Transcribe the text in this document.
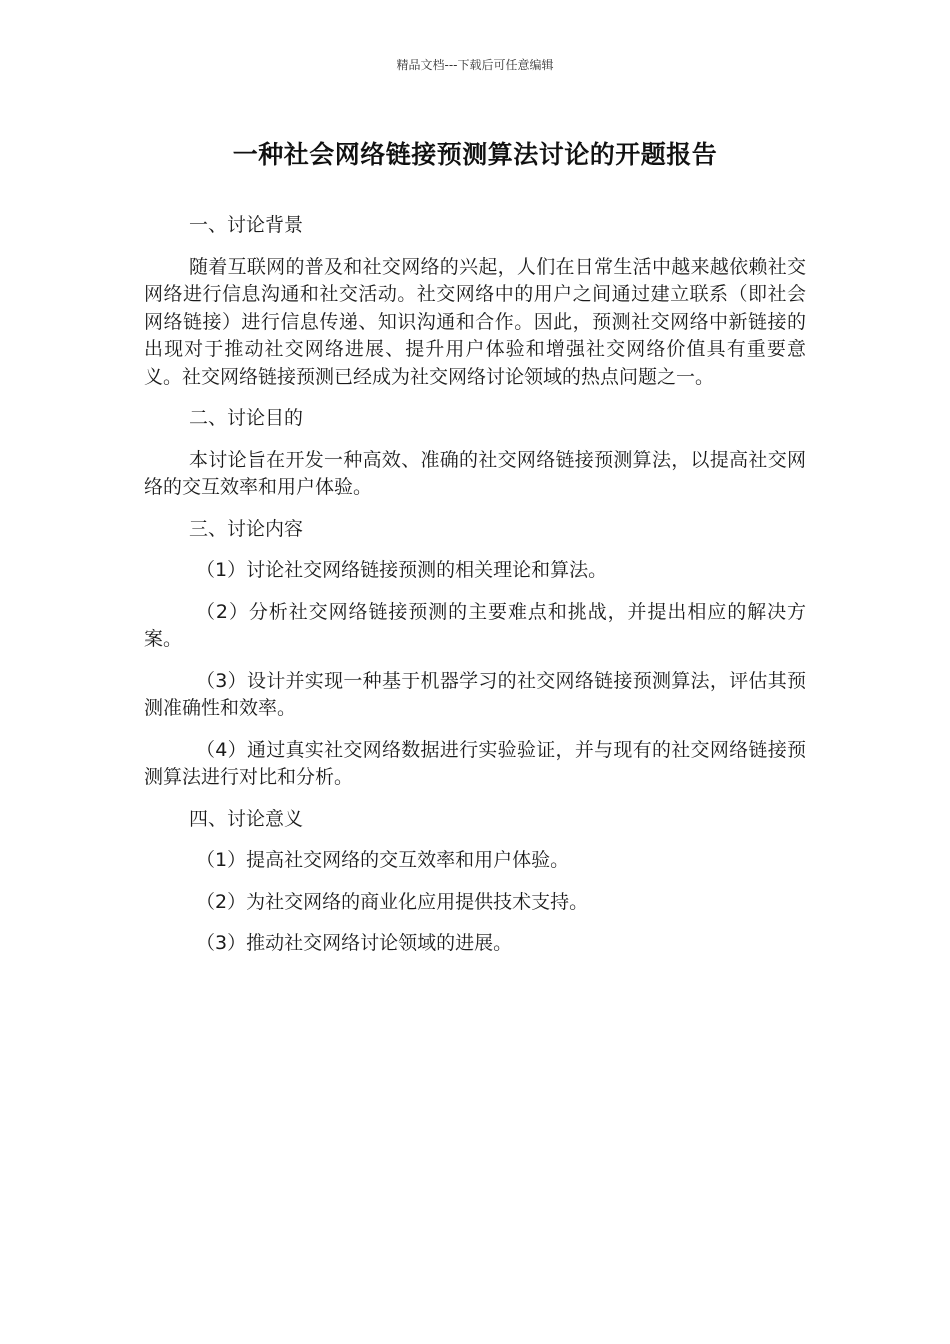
精品文档---下载后可任意编辑
一种社会网络链接预测算法讨论的开题报告

一、讨论背景

随着互联网的普及和社交网络的兴起，人们在日常生活中越来越依赖社交网络进行信息沟通和社交活动。社交网络中的用户之间通过建立联系（即社会网络链接）进行信息传递、知识沟通和合作。因此，预测社交网络中新链接的出现对于推动社交网络进展、提升用户体验和增强社交网络价值具有重要意义。社交网络链接预测已经成为社交网络讨论领域的热点问题之一。

二、讨论目的

本讨论旨在开发一种高效、准确的社交网络链接预测算法，以提高社交网络的交互效率和用户体验。

三、讨论内容

（1）讨论社交网络链接预测的相关理论和算法。

（2）分析社交网络链接预测的主要难点和挑战，并提出相应的解决方案。

（3）设计并实现一种基于机器学习的社交网络链接预测算法，评估其预测准确性和效率。

（4）通过真实社交网络数据进行实验验证，并与现有的社交网络链接预测算法进行对比和分析。

四、讨论意义

（1）提高社交网络的交互效率和用户体验。

（2）为社交网络的商业化应用提供技术支持。

（3）推动社交网络讨论领域的进展。
